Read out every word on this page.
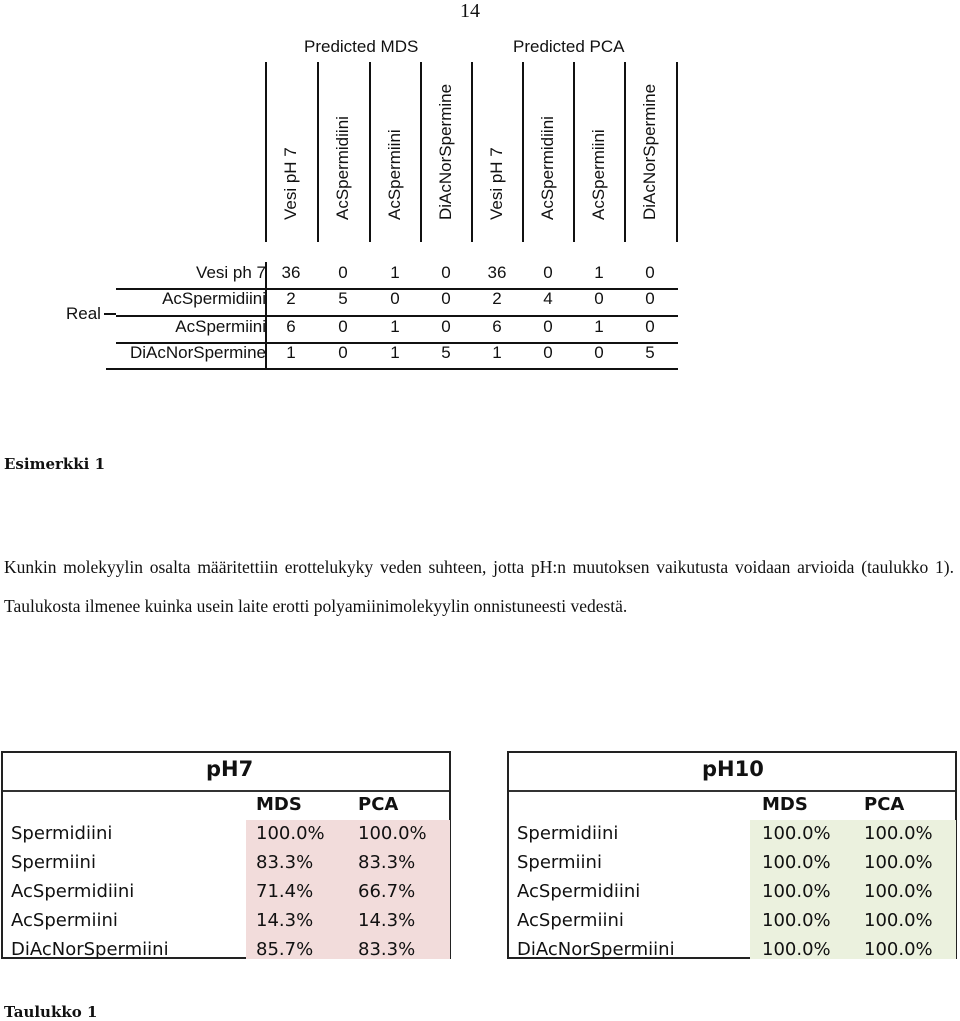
14
Predicted MDS	Predicted PCA
Vesi pH 7 AcSpermidiini AcSpermiini DiAcNorSpermine Vesi pH 7 AcSpermidiini AcSpermiini DiAcNorSpermine
Real
Vesi ph 7 36	0	1	0	36	0	1	0
AcSpermidiini	2	5	0	0	2	4	0	0
AcSpermiini	6	0	1	0	6	0	1	0
DiAcNorSpermine	1	0	1	5	1	0	0	5
Esimerkki 1
Kunkin molekyylin osalta määritettiin erottelukyky veden suhteen, jotta pH:n muutoksen vaikutusta voidaan arvioida (taulukko 1). Taulukosta ilmenee kuinka usein laite erotti polyamiinimolekyylin onnistuneesti vedestä.
pH7
MDS	PCA
Spermidiini	100.0% 100.0%
Spermiini	83.3% 83.3%
AcSpermidiini	71.4% 66.7%
AcSpermiini	14.3% 14.3%
DiAcNorSpermiini	85.7% 83.3%
pH10
MDS	PCA
Spermidiini	100.0% 100.0%
Spermiini	100.0% 100.0%
AcSpermidiini	100.0% 100.0%
AcSpermiini	100.0% 100.0%
DiAcNorSpermiini	100.0% 100.0%
Taulukko 1
